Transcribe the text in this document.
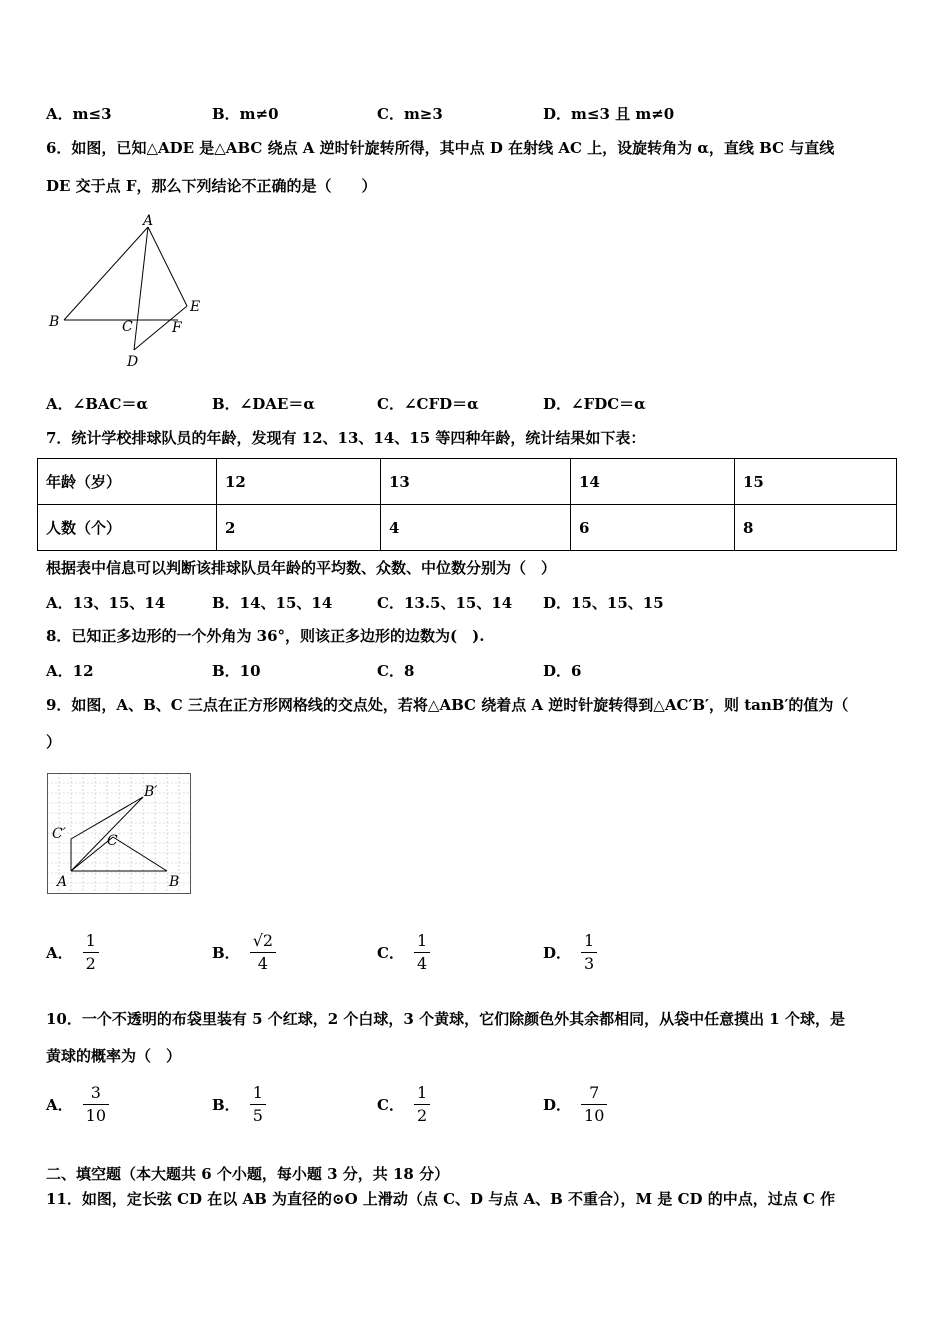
A．m≤3	B．m≠0	C．m≥3	D．m≤3 且 m≠0
6．如图，已知△ADE 是△ABC 绕点 A 逆时针旋转所得，其中点 D 在射线 AC 上，设旋转角为 α，直线 BC 与直线
DE 交于点 F，那么下列结论不正确的是（　　）
A
B	C
D
E
F
A．∠BAC＝α	B．∠DAE＝α	C．∠CFD＝α	D．∠FDC＝α
7．统计学校排球队员的年龄，发现有 12、13、14、15 等四种年龄，统计结果如下表：
年龄（岁）	12	13	14	15
人数（个）	2	4	6	8
根据表中信息可以判断该排球队员年龄的平均数、众数、中位数分别为（　）
A．13、15、14	B．14、15、14	C．13.5、15、14 D．15、15、15
8．已知正多边形的一个外角为 36°，则该正多边形的边数为(　).
A．12	B．10	C．8	D．6
9．如图，A、B、C 三点在正方形网格线的交点处，若将△ABC 绕着点 A 逆时针旋转得到△AC′B′，则 tanB′的值为（
）
A	B
C
B′
C′
A． $\frac{1}{2}$	B． $\frac{√2}{4}$	C． $\frac{1}{4}$	D． $\frac{1}{3}$
10．一个不透明的布袋里装有 5 个红球，2 个白球，3 个黄球，它们除颜色外其余都相同，从袋中任意摸出 1 个球，是
黄球的概率为（　）
A． $\frac{3}{10}$	B． $\frac{1}{5}$	C． $\frac{1}{2}$	D． $\frac{7}{10}$
二、填空题（本大题共 6 个小题，每小题 3 分，共 18 分）
11．如图，定长弦 CD 在以 AB 为直径的⊙O 上滑动（点 C、D 与点 A、B 不重合），M 是 CD 的中点，过点 C 作
